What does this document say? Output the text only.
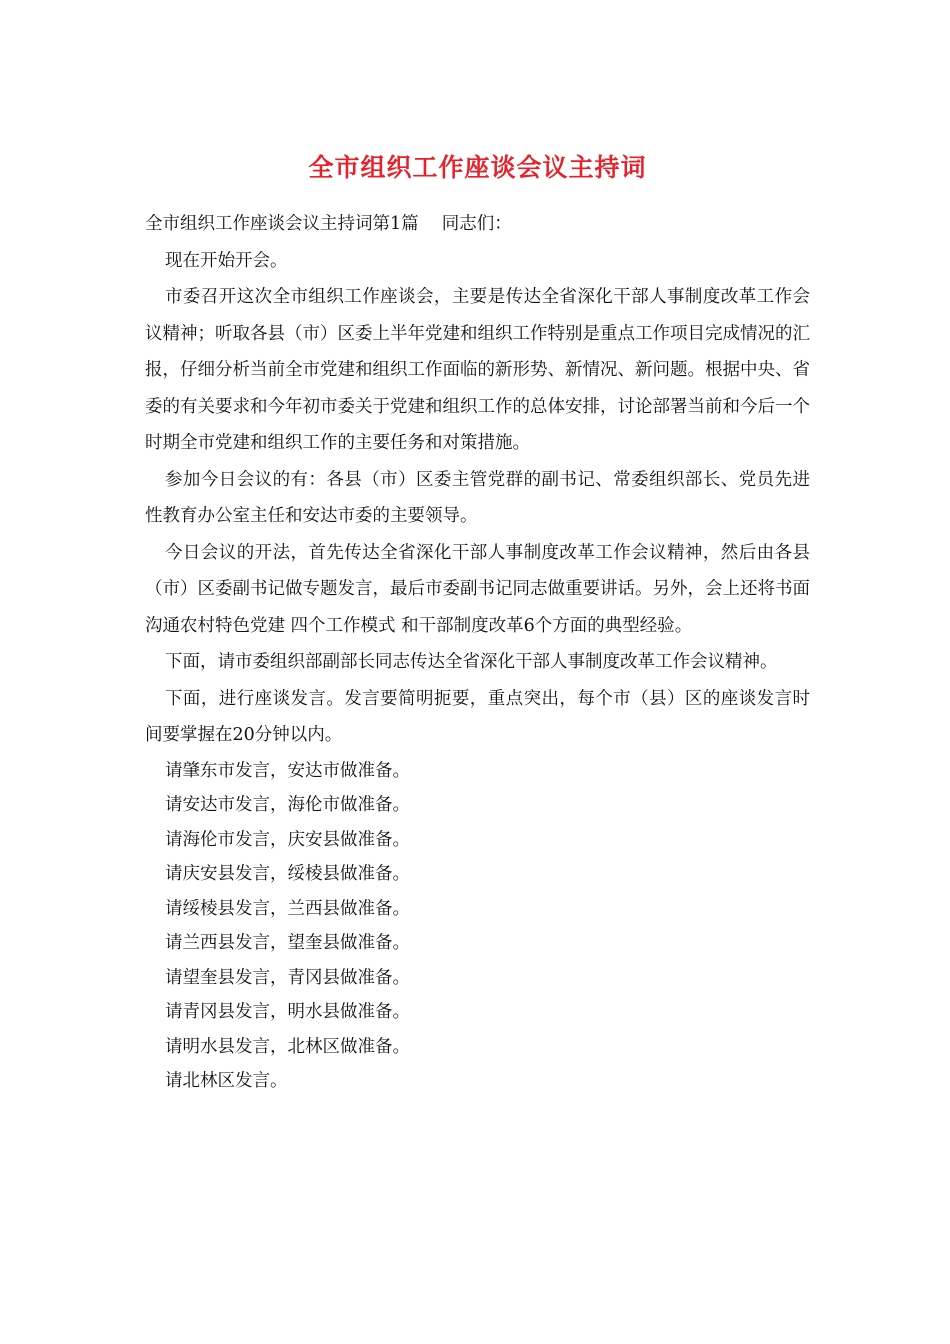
全市组织工作座谈会议主持词

全市组织工作座谈会议主持词第1篇　 同志们：

现在开始开会。

市委召开这次全市组织工作座谈会，主要是传达全省深化干部人事制度改革工作会议精神；听取各县（市）区委上半年党建和组织工作特别是重点工作项目完成情况的汇报，仔细分析当前全市党建和组织工作面临的新形势、新情况、新问题。根据中央、省委的有关要求和今年初市委关于党建和组织工作的总体安排，讨论部署当前和今后一个时期全市党建和组织工作的主要任务和对策措施。

参加今日会议的有：各县（市）区委主管党群的副书记、常委组织部长、党员先进性教育办公室主任和安达市委的主要领导。

今日会议的开法，首先传达全省深化干部人事制度改革工作会议精神，然后由各县（市）区委副书记做专题发言，最后市委副书记同志做重要讲话。另外，会上还将书面沟通农村特色党建 四个工作模式 和干部制度改革6个方面的典型经验。

下面，请市委组织部副部长同志传达全省深化干部人事制度改革工作会议精神。

下面，进行座谈发言。发言要简明扼要，重点突出，每个市（县）区的座谈发言时间要掌握在20分钟以内。

请肇东市发言，安达市做准备。
请安达市发言，海伦市做准备。
请海伦市发言，庆安县做准备。
请庆安县发言，绥棱县做准备。
请绥棱县发言，兰西县做准备。
请兰西县发言，望奎县做准备。
请望奎县发言，青冈县做准备。
请青冈县发言，明水县做准备。
请明水县发言，北林区做准备。
请北林区发言。
